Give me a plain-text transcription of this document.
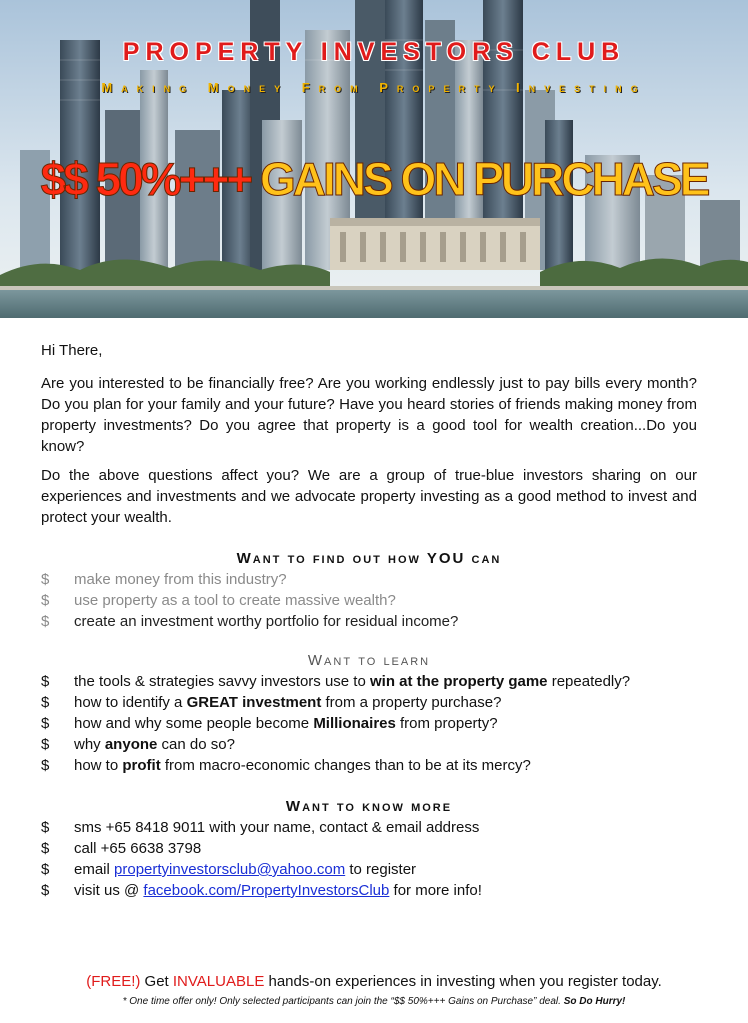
PROPERTY INVESTORS CLUB
Making Money From Property Investing
$$ 50%+++ GAINS ON PURCHASE

Hi There,

Are you interested to be financially free? Are you working endlessly just to pay bills every month? Do you plan for your family and your future? Have you heard stories of friends making money from property investments? Do you agree that property is a good tool for wealth creation...Do you know?

Do the above questions affect you? We are a group of true-blue investors sharing on our experiences and investments and we advocate property investing as a good method to invest and protect your wealth.

Want to find out how YOU can
$ make money from this industry?
$ use property as a tool to create massive wealth?
$ create an investment worthy portfolio for residual income?
Want to learn
$ the tools & strategies savvy investors use to win at the property game repeatedly?
$ how to identify a GREAT investment from a property purchase?
$ how and why some people become Millionaires from property?
$ why anyone can do so?
$ how to profit from macro-economic changes than to be at its mercy?
Want to know more
$ sms +65 8418 9011 with your name, contact & email address
$ call +65 6638 3798
$ email propertyinvestorsclub@yahoo.com to register
$ visit us @ facebook.com/PropertyInvestorsClub for more info!
(FREE!) Get INVALUABLE hands-on experiences in investing when you register today.
* One time offer only! Only selected participants can join the “$$ 50%+++ Gains on Purchase” deal. So Do Hurry!
